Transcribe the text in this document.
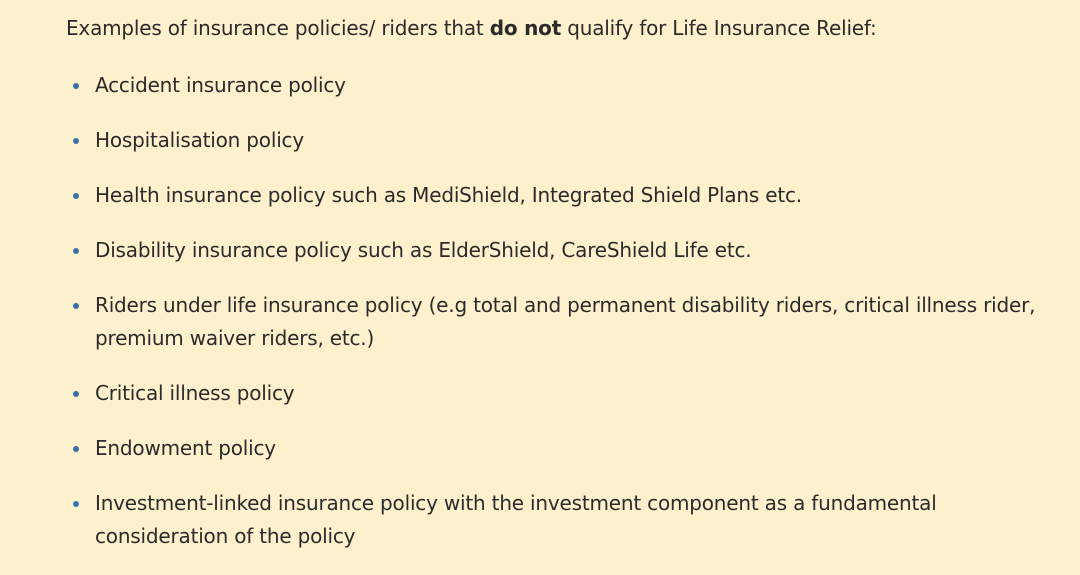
Examples of insurance policies/ riders that do not qualify for Life Insurance Relief:

Accident insurance policy
Hospitalisation policy
Health insurance policy such as MediShield, Integrated Shield Plans etc.
Disability insurance policy such as ElderShield, CareShield Life etc.
Riders under life insurance policy (e.g total and permanent disability riders, critical illness rider, premium waiver riders, etc.)
Critical illness policy
Endowment policy
Investment-linked insurance policy with the investment component as a fundamental consideration of the policy
